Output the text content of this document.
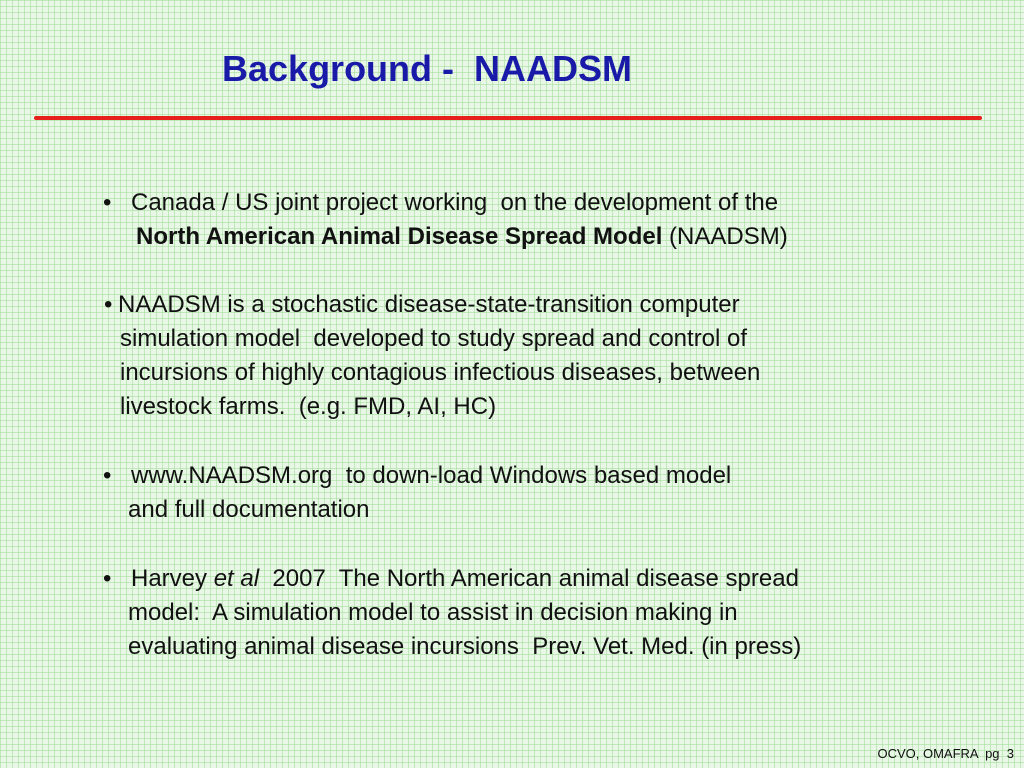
Background -  NAADSM
• Canada / US joint project working  on the development of the
North American Animal Disease Spread Model (NAADSM)
• NAADSM is a stochastic disease-state-transition computer
simulation model  developed to study spread and control of
incursions of highly contagious infectious diseases, between
livestock farms.  (e.g. FMD, AI, HC)
• www.NAADSM.org  to down-load Windows based model
and full documentation
• Harvey et al  2007  The North American animal disease spread
model:  A simulation model to assist in decision making in
evaluating animal disease incursions  Prev. Vet. Med. (in press)
OCVO, OMAFRA  pg  3
